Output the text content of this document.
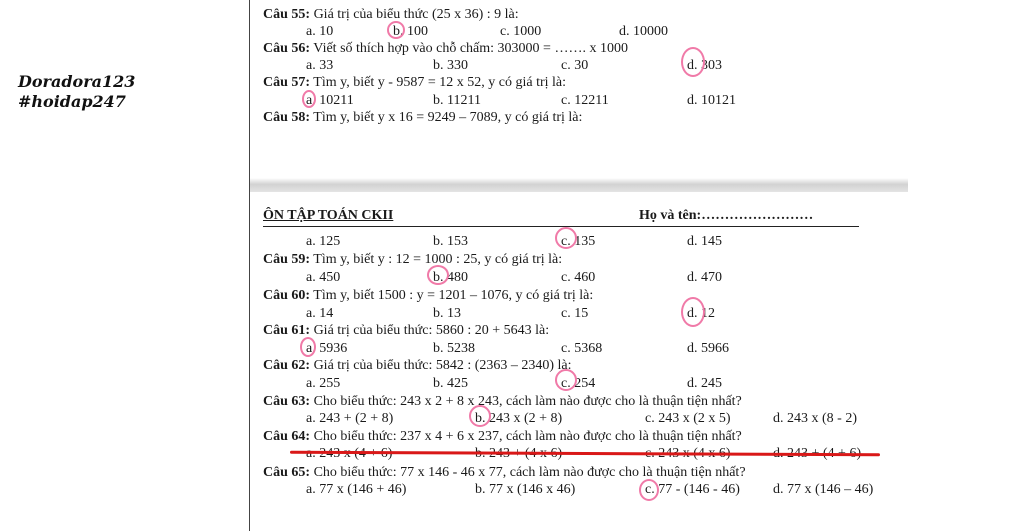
Doradora123
#hoidap247
Câu 55: Giá trị của biểu thức (25 x 36) : 9 là:
a. 10	b. 100	c. 1000	d. 10000
Câu 56: Viết số thích hợp vào chỗ chấm: 303000 = ……. x 1000
a. 33	b. 330	c. 30	d. 303
Câu 57: Tìm y, biết y - 9587 = 12 x 52, y có giá trị là:
a. 10211	b. 11211	c. 12211	d. 10121
Câu 58: Tìm y, biết y x 16 = 9249 – 7089, y có giá trị là:
ÔN TẬP TOÁN CKII	Họ và tên:……………………
a. 125	b. 153	c. 135	d. 145
Câu 59: Tìm y, biết y : 12 = 1000 : 25, y có giá trị là:
a. 450	b. 480	c. 460	d. 470
Câu 60: Tìm y, biết 1500 : y = 1201 – 1076, y có giá trị là:
a. 14	b. 13	c. 15	d. 12
Câu 61: Giá trị của biểu thức: 5860 : 20 + 5643 là:
a. 5936	b. 5238	c. 5368	d. 5966
Câu 62: Giá trị của biểu thức: 5842 : (2363 – 2340) là:
a. 255	b. 425	c. 254	d. 245
Câu 63: Cho biểu thức: 243 x 2 + 8 x 243, cách làm nào được cho là thuận tiện nhất?
a. 243 + (2 + 8)	b. 243 x (2 + 8)	c. 243 x (2 x 5)	d. 243 x (8 - 2)
Câu 64: Cho biểu thức: 237 x 4 + 6 x 237, cách làm nào được cho là thuận tiện nhất?
Câu 65: Cho biểu thức: 77 x 146 - 46 x 77, cách làm nào được cho là thuận tiện nhất?
a. 77 x (146 + 46)	b. 77 x (146 x 46)	c. 77 - (146 - 46) d. 77 x (146 – 46)
